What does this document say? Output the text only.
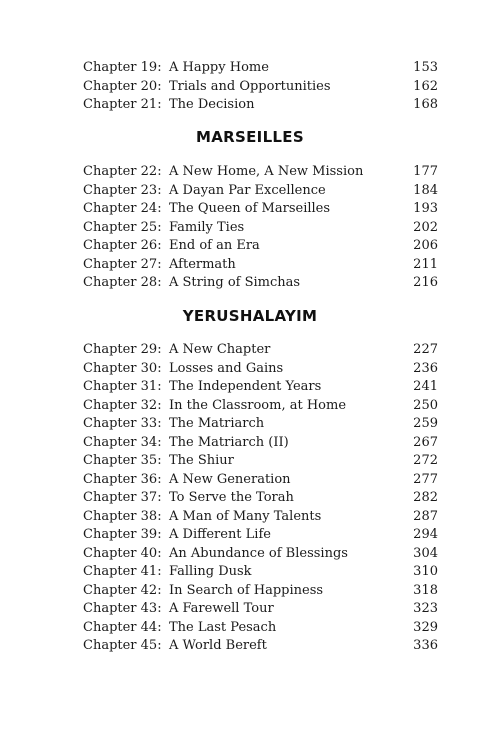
Chapter 19: A Happy Home	153
Chapter 20: Trials and Opportunities	162
Chapter 21: The Decision	168
MARSEILLES
Chapter 22: A New Home, A New Mission	177
Chapter 23: A Dayan Par Excellence	184
Chapter 24: The Queen of Marseilles	193
Chapter 25: Family Ties	202
Chapter 26: End of an Era	206
Chapter 27: Aftermath	211
Chapter 28: A String of Simchas	216
YERUSHALAYIM
Chapter 29: A New Chapter	227
Chapter 30: Losses and Gains	236
Chapter 31: The Independent Years	241
Chapter 32: In the Classroom, at Home	250
Chapter 33: The Matriarch	259
Chapter 34: The Matriarch (II)	267
Chapter 35: The Shiur	272
Chapter 36: A New Generation	277
Chapter 37: To Serve the Torah	282
Chapter 38: A Man of Many Talents	287
Chapter 39: A Different Life	294
Chapter 40: An Abundance of Blessings	304
Chapter 41: Falling Dusk	310
Chapter 42: In Search of Happiness	318
Chapter 43: A Farewell Tour	323
Chapter 44: The Last Pesach	329
Chapter 45: A World Bereft	336
